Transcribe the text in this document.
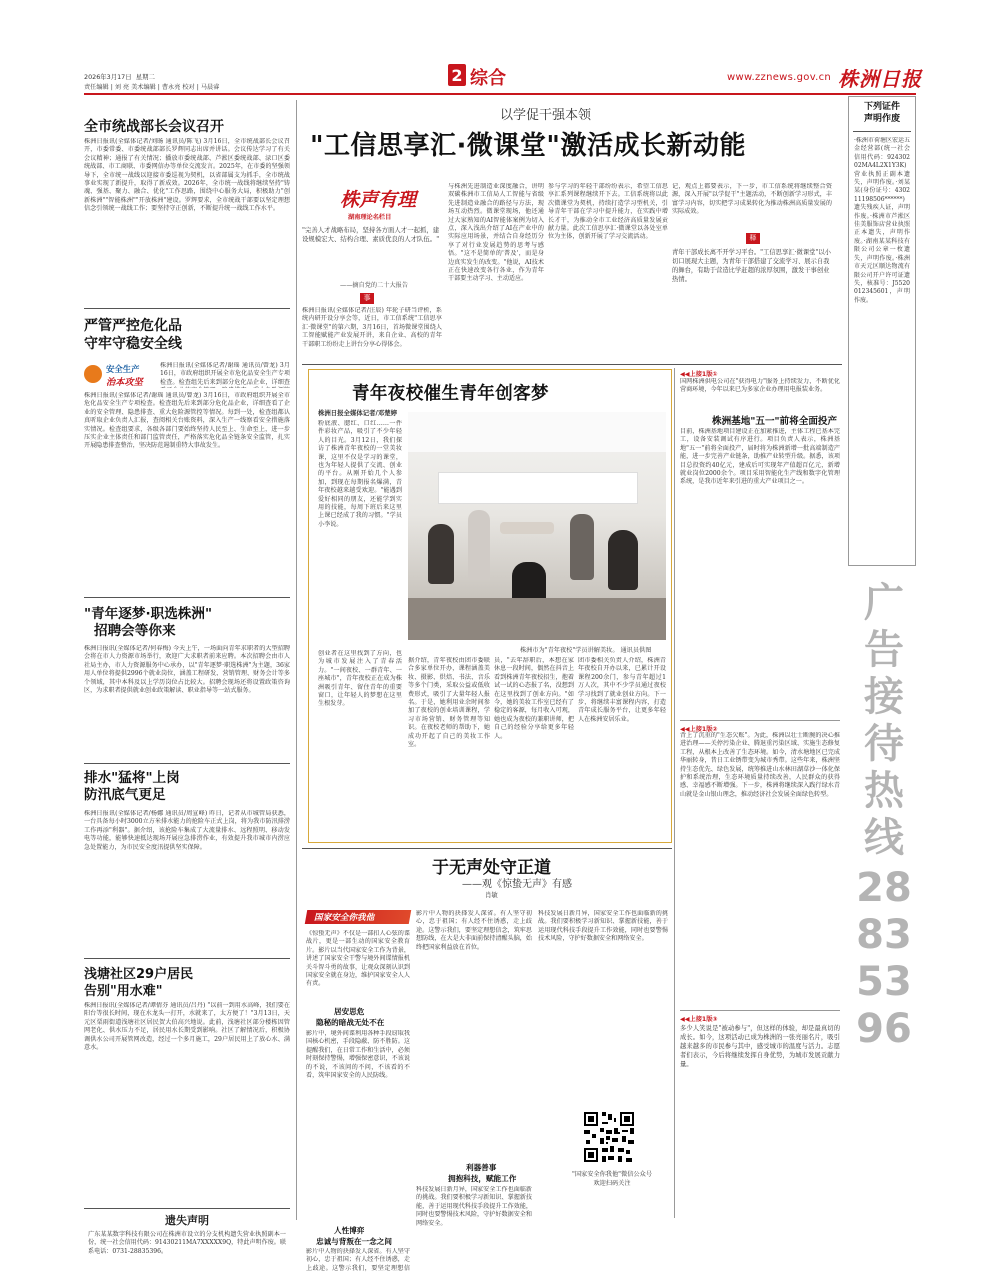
2026年3月17日 星期二
责任编辑 | 刘 亮 美术编辑 | 曹永亮 校对 | 马晨睿
2 综合	www.zznews.gov.cn 株洲日报
下列证件
声明作废
·株洲市荷塘区宏运五金经营部(统一社会信用代码：92430202MA4L2X1Y3K)营业执照正副本遗失，声明作废。·刘某某(身份证号：430211198506******)遗失残疾人证，声明作废。·株洲市芦淞区佳美服饰店营业执照正本遗失，声明作废。·湖南某某科技有限公司公章一枚遗失，声明作废。·株洲市天元区顺达物流有限公司开户许可证遗失，核准号：J5520012345601，声明作废。
广告接待热线
28835396
全市统战部长会议召开
株洲日报讯(全媒体记者/刘旸 通讯员/陈飞) 3月16日，全市统战部长会议召开，市委常委、市委统战部部长罗辉同志出席并讲话。会议传达学习了有关会议精神；通报了有关情况；播放市委统战部、芦淞区委统战部、渌口区委统战部、市工商联、市委网信办等单位交流发言。2025年，在市委的坚强领导下，全市统一战线以迎接市委巡视为契机，以省部属支为抓手，全市统战事业实现了新提升，取得了新成效。2026年，全市统一战线将继续坚持"铸魂、强基、聚力、融合、优化"工作思路，围绕中心服务大局，积极助力"创新株洲""智能株洲""开放株洲"建设。罗辉要求，全市统战干部要以坚定理想信念引领统一战线工作；要坚持守正创新，不断提升统一战线工作水平。
严管严控危化品
守牢守稳安全线
安全生产
治本攻坚
株洲日报讯(全媒体记者/谢瑶 通讯员/曾龙) 3月16日，市政府组织开展全市危化品安全生产专项检查。检查组先后来到部分危化品企业，详细查
株洲日报讯(全媒体记者/谢瑶 通讯员/曾龙) 3月16日，市政府组织开展全市危化品安全生产专项检查。检查组先后来到部分危化品企业，详细查看了企业的安全管理、隐患排查、重大危险源管控等情况。每到一处，检查组都认真听取企业负责人汇报，查阅相关台账资料，深入生产一线察看安全措施落实情况。检查组要求，各级各部门要始终坚持人民至上、生命至上，进一步压实企业主体责任和部门监管责任，严格落实危化品全链条安全监管，扎实开展隐患排查整治，坚决防范遏制重特大事故发生。
"青年逐梦·职选株洲"
招聘会等你来
株洲日报讯(全媒体记者/何春梅) 今天上午，一场面向青年求职者的大型招聘会将在市人力资源市场举行，欢迎广大求职者前来应聘。本次招聘会由市人社局主办，市人力资源服务中心承办，以"青年逐梦·职选株洲"为主题，36家用人单位将提供2996个就业岗位，涵盖工程研发、营销管理、财务会计等多个领域，其中本科及以上学历岗位占比较大。招聘会现场还将设置政策咨询区，为求职者提供就业创业政策解读、职业指导等一站式服务。
排水"猛将"上岗
防汛底气更足
株洲日报讯(全媒体记者/杨娜 通讯员/周宣峰) 昨日，记者从市城管局获悉，一台具备每小时3000立方米排水能力的抢险车正式上岗，将为我市防汛排涝工作再添"利器"。据介绍，该抢险车集成了大流量排水、远程照明、移动发电等功能，能够快速抵达现场开展应急排涝作业，有效提升我市城市内涝应急处置能力，为市民安全度汛提供坚实保障。
浅塘社区29户居民
告别"用水难"
株洲日报讯(全媒体记者/谭倩芬 通讯员/吕丹) "以前一到用水高峰，我们要在阳台等很长时间，现在水龙头一打开，水就来了，太方便了！"3月13日，天元区栗雨街道浅塘社区居民贺大伯高兴地说。此前，浅塘社区部分楼栋因管网老化、供水压力不足，居民用水长期受到影响。社区了解情况后，积极协调供水公司开展管网改造，经过一个多月施工，29户居民用上了放心水、满意水。
遗失声明
广东某某数字科技有限公司在株洲市设立的分支机构遗失营业执照副本一份，统一社会信用代码：91430211MA7XXXXX9Q，特此声明作废。联系电话：0731-28835396。
以学促干强本领
"工信思享汇·微课堂"激活成长新动能
株声有理
湖南理论名栏目
"完善人才战略布局，坚持各方面人才一起抓，建设规模宏大、结构合理、素质优良的人才队伍。"
——摘自党的二十大报告
事
株洲日报讯(全媒体记者/汪辰) 年轮子研当评析，系统内研开设分享会等，近日，市工信系统"工信思享汇·微课堂"的第六期，3月16日，首场微课堂围绕人工智能赋能产业发展开讲，来自企业、高校的青年干部职工纷纷走上讲台分享心得体会。
与株洲先进制造业深度融合，讲明双碳株洲市工信局人工智能与省级先进制造业融合的路径与方法，现场互动热烈。微课堂现场，他还通过大家熟知的AI智能体案例为切入点，深入浅出介绍了AI在产业中的实际应用场景，并结合自身经历分享了对行业发展趋势的思考与感悟。"这不是简单的'普及'，而是身边真实发生的改变。"他说，AI技术正在快速改变各行各业，作为青年干部要主动学习、主动适应。
参与学习的年轻干部纷纷表示，希望工信思享汇系列课程继续开下去。工信系统将以此次微课堂为契机，持续打造学习型机关，引导青年干部在学习中提升能力，在实践中增长才干，为推动全市工业经济高质量发展贡献力量。此次工信思享汇·微课堂以各处室单位为主体，创新开展了学习交流活动。
记，观点上都要表示，下一步，市工信系统将继续整合资源，深入开展"以学促干"主题活动，不断创新学习形式，丰富学习内容，切实把学习成果转化为推动株洲高质量发展的实际成效。
释
青年干部成长离不开学习平台。"工信思享汇·微课堂"以小切口展现大主题，为青年干部搭建了交流学习、展示自我的舞台，有助于营造比学赶超的浓厚氛围，激发干事创业热情。
青年夜校催生青年创客梦
株洲日报全媒体记者/邓楚婷
粉底液、腮红、口红……一件件彩妆产品，吸引了不少年轻人的目光。3月12日，我们探访了株洲青年夜校的一堂美妆课，这里不仅是学习的课堂，也为年轻人提供了交流、创业的平台。从刚开始几个人参加，到现在每期报名爆满，青年夜校越来越受欢迎。"能遇到爱好相同的朋友，还能学到实用的技能，每周下班后来这里上课已经成了我的习惯。"学员小李说。
株洲市为"青年夜校"学员讲解美妆。 通讯员供图
据介绍，青年夜校由团市委联合多家单位开办，课程涵盖美妆、摄影、烘焙、书法、音乐等多个门类，采取公益或低收费形式，吸引了大量年轻人报名。于是，她利用业余时间参加了夜校的创业培训课程，学习市场营销、财务管理等知识。在夜校老师的帮助下，她成功开起了自己的美妆工作室。
员，"去年辞职后，本想在家休息一段时间，偶然在抖音上看到株洲青年夜校招生，抱着试一试的心态报了名，没想到在这里找到了创业方向。"如今，她的美妆工作室已经有了稳定的客源，每月收入可观，她也成为夜校的兼职讲师，把自己的经验分享给更多年轻人。
团市委相关负责人介绍，株洲青年夜校自开办以来，已累计开设课程200余门，参与青年超过1万人次，其中不少学员通过夜校学习找到了就业创业方向。下一步，将继续丰富课程内容，打造青年成长服务平台，让更多年轻人在株洲安居乐业。
创业者在这里找到了方向，也为城市发展注入了青春活力。"一间夜校、一群青年、一座城市"，青年夜校正在成为株洲吸引青年、留住青年的重要窗口，让年轻人的梦想在这里生根发芽。
◀◀上接1版①
国网株洲供电公司在"获得电力"服务上持续发力，不断优化营商环境，今年以来已为多家企业办理用电报装业务。
株洲基地"五一"前将全面投产
目前，株洲基地项目建设正在加紧推进，主体工程已基本完工，设备安装调试有序进行。项目负责人表示，株洲基地"五一"前将全面投产，届时将为株洲新增一批高端制造产能，进一步完善产业链条，助推产业转型升级。据悉，该项目总投资约40亿元，建成后可实现年产值超百亿元，新增就业岗位2000余个。项目采用智能化生产线和数字化管理系统，是我市近年来引进的重大产业项目之一。
◀◀上接1版②
背上了沉重的"生态欠账"。为此，株洲以壮士断腕的决心推进治理——关停污染企业、腾退重污染区域、实施生态修复工程，从根本上改善了生态环境。如今，清水塘地区已完成华丽转身，昔日工业锈带变为城市秀带。这些年来，株洲坚持生态优先、绿色发展，统筹推进山水林田湖草沙一体化保护和系统治理，生态环境质量持续改善，人民群众的获得感、幸福感不断增强。下一步，株洲将继续深入践行绿水青山就是金山银山理念，推动经济社会发展全面绿色转型。
◀◀上接1版③
多少人笑说是"被动参与"，但这样的体验，却是最真切的成长。如今，这项活动已成为株洲的一张亮丽名片，吸引越来越多的市民参与其中，感受城市的温度与活力。志愿者们表示，今后将继续发挥自身优势，为城市发展贡献力量。
于无声处守正道
——观《惊蛰无声》有感
肖敏
国家安全你我他
《惊蛰无声》不仅是一部扣人心弦的谍战片，更是一部生动的国家安全教育片。影片以当代国家安全工作为背景，讲述了国家安全干警与境外间谍情报机关斗智斗勇的故事，让观众深刻认识到国家安全就在身边，维护国家安全人人有责。
居安思危
隐秘的暗战无处不在
影片中，境外间谍利用各种手段窃取我国核心机密，手段隐蔽、防不胜防。这提醒我们，在日常工作和生活中，必须时刻保持警惕，增强保密意识，不该说的不说，不该问的不问，不该看的不看，筑牢国家安全的人民防线。
人性博弈
忠诚与背叛在一念之间
影片中人物的抉择发人深省。有人坚守初心，忠于祖国；有人经不住诱惑，走上歧途。这警示我们，要坚定理想信
影片中人物的抉择发人深省。有人坚守初心，忠于祖国；有人经不住诱惑，走上歧途。这警示我们，要坚定理想信念，筑牢思想防线，在大是大非面前保持清醒头脑，始终把国家利益放在首位。
利器善事
拥抱科技，赋能工作
科技发展日新月异，国家安全工作也面临新的挑战。我们要积极学习新知识、掌握新技能，善于运用现代科技手段提升工作效能，同时也要警惕技术风险，守护好数据安全和网络安全。
科技发展日新月异，国家安全工作也面临新的挑战。我们要积极学习新知识、掌握新技能，善于运用现代科技手段提升工作效能，同时也要警惕技术风险，守护好数据安全和网络安全。
"国家安全你我他"微信公众号
欢迎扫码关注
